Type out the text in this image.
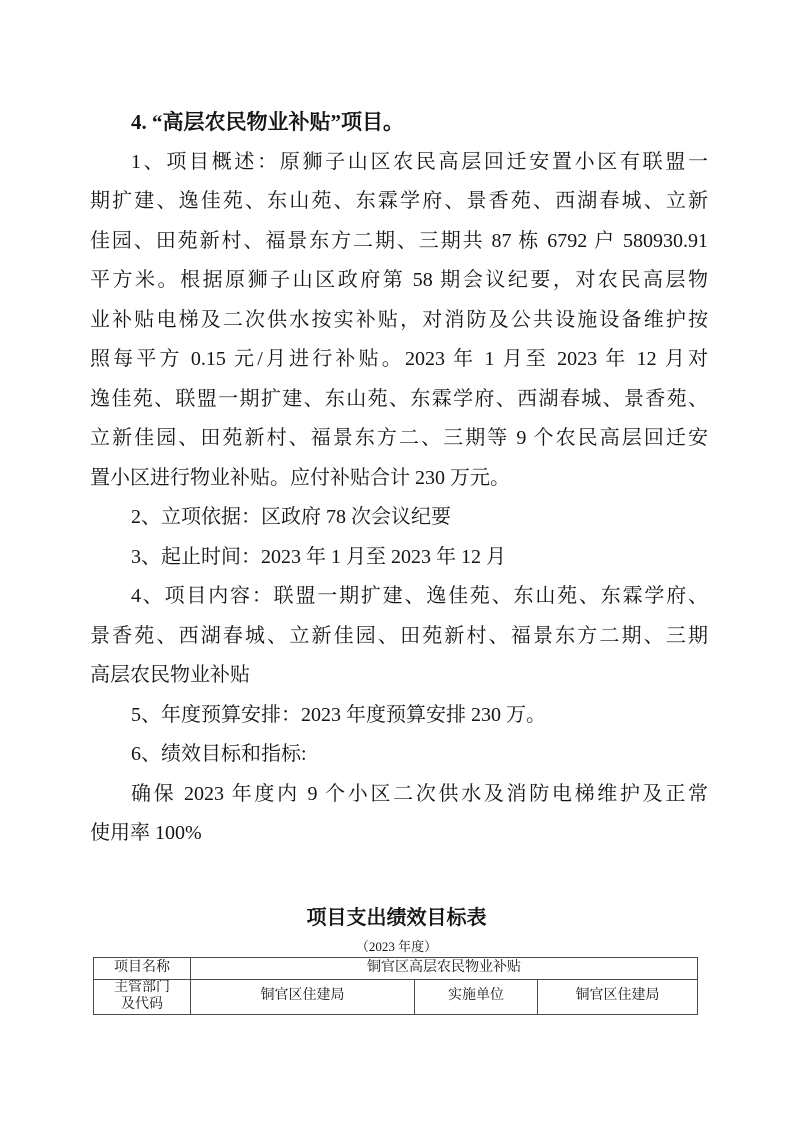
4. “高层农民物业补贴”项目。
1、项目概述：原狮子山区农民高层回迁安置小区有联盟一
期扩建、逸佳苑、东山苑、东霖学府、景香苑、西湖春城、立新
佳园、田苑新村、福景东方二期、三期共 87 栋 6792 户 580930.91
平方米。根据原狮子山区政府第 58 期会议纪要，对农民高层物
业补贴电梯及二次供水按实补贴，对消防及公共设施设备维护按
照每平方 0.15 元/月进行补贴。2023 年 1 月至 2023 年 12 月对
逸佳苑、联盟一期扩建、东山苑、东霖学府、西湖春城、景香苑、
立新佳园、田苑新村、福景东方二、三期等 9 个农民高层回迁安
置小区进行物业补贴。应付补贴合计 230 万元。
2、立项依据：区政府 78 次会议纪要
3、起止时间：2023 年 1 月至 2023 年 12 月
4、项目内容：联盟一期扩建、逸佳苑、东山苑、东霖学府、
景香苑、西湖春城、立新佳园、田苑新村、福景东方二期、三期
高层农民物业补贴
5、年度预算安排：2023 年度预算安排 230 万。
6、绩效目标和指标:
确保 2023 年度内 9 个小区二次供水及消防电梯维护及正常
使用率 100%
项目支出绩效目标表
（2023 年度）
项目名称	铜官区高层农民物业补贴		

主管部门
及代码	铜官区住建局	实施单位	铜官区住建局
